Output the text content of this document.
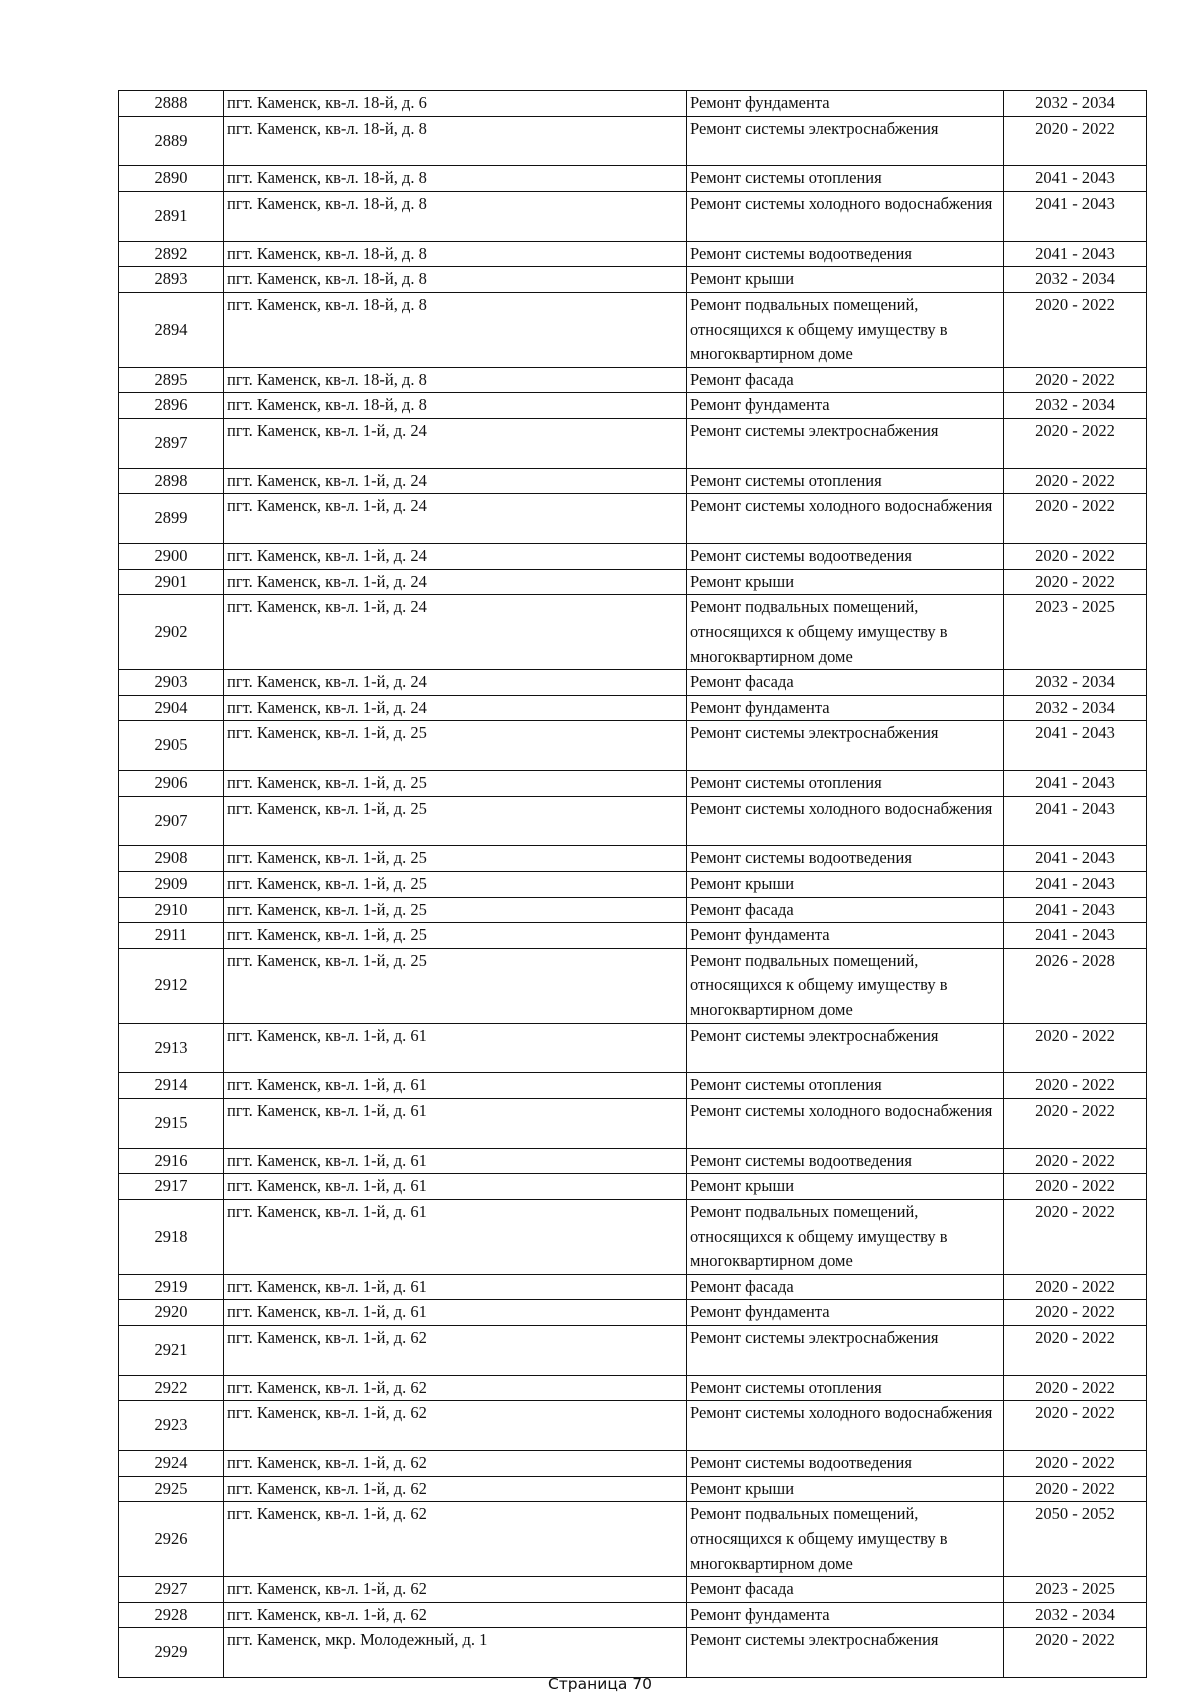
2888	пгт. Каменск, кв-л. 18-й, д. 6	Ремонт фундамента	2032 - 2034
2889	пгт. Каменск, кв-л. 18-й, д. 8	Ремонт системы электроснабжения	2020 - 2022
2890	пгт. Каменск, кв-л. 18-й, д. 8	Ремонт системы отопления	2041 - 2043
2891	пгт. Каменск, кв-л. 18-й, д. 8	Ремонт системы холодного водоснабжения	2041 - 2043
2892	пгт. Каменск, кв-л. 18-й, д. 8	Ремонт системы водоотведения	2041 - 2043
2893	пгт. Каменск, кв-л. 18-й, д. 8	Ремонт крыши	2032 - 2034
2894	пгт. Каменск, кв-л. 18-й, д. 8	Ремонт подвальных помещений, относящихся к общему имуществу в многоквартирном доме	2020 - 2022
2895	пгт. Каменск, кв-л. 18-й, д. 8	Ремонт фасада	2020 - 2022
2896	пгт. Каменск, кв-л. 18-й, д. 8	Ремонт фундамента	2032 - 2034
2897	пгт. Каменск, кв-л. 1-й, д. 24	Ремонт системы электроснабжения	2020 - 2022
2898	пгт. Каменск, кв-л. 1-й, д. 24	Ремонт системы отопления	2020 - 2022
2899	пгт. Каменск, кв-л. 1-й, д. 24	Ремонт системы холодного водоснабжения	2020 - 2022
2900	пгт. Каменск, кв-л. 1-й, д. 24	Ремонт системы водоотведения	2020 - 2022
2901	пгт. Каменск, кв-л. 1-й, д. 24	Ремонт крыши	2020 - 2022
2902	пгт. Каменск, кв-л. 1-й, д. 24	Ремонт подвальных помещений, относящихся к общему имуществу в многоквартирном доме	2023 - 2025
2903	пгт. Каменск, кв-л. 1-й, д. 24	Ремонт фасада	2032 - 2034
2904	пгт. Каменск, кв-л. 1-й, д. 24	Ремонт фундамента	2032 - 2034
2905	пгт. Каменск, кв-л. 1-й, д. 25	Ремонт системы электроснабжения	2041 - 2043
2906	пгт. Каменск, кв-л. 1-й, д. 25	Ремонт системы отопления	2041 - 2043
2907	пгт. Каменск, кв-л. 1-й, д. 25	Ремонт системы холодного водоснабжения	2041 - 2043
2908	пгт. Каменск, кв-л. 1-й, д. 25	Ремонт системы водоотведения	2041 - 2043
2909	пгт. Каменск, кв-л. 1-й, д. 25	Ремонт крыши	2041 - 2043
2910	пгт. Каменск, кв-л. 1-й, д. 25	Ремонт фасада	2041 - 2043
2911	пгт. Каменск, кв-л. 1-й, д. 25	Ремонт фундамента	2041 - 2043
2912	пгт. Каменск, кв-л. 1-й, д. 25	Ремонт подвальных помещений, относящихся к общему имуществу в многоквартирном доме	2026 - 2028
2913	пгт. Каменск, кв-л. 1-й, д. 61	Ремонт системы электроснабжения	2020 - 2022
2914	пгт. Каменск, кв-л. 1-й, д. 61	Ремонт системы отопления	2020 - 2022
2915	пгт. Каменск, кв-л. 1-й, д. 61	Ремонт системы холодного водоснабжения	2020 - 2022
2916	пгт. Каменск, кв-л. 1-й, д. 61	Ремонт системы водоотведения	2020 - 2022
2917	пгт. Каменск, кв-л. 1-й, д. 61	Ремонт крыши	2020 - 2022
2918	пгт. Каменск, кв-л. 1-й, д. 61	Ремонт подвальных помещений, относящихся к общему имуществу в многоквартирном доме	2020 - 2022
2919	пгт. Каменск, кв-л. 1-й, д. 61	Ремонт фасада	2020 - 2022
2920	пгт. Каменск, кв-л. 1-й, д. 61	Ремонт фундамента	2020 - 2022
2921	пгт. Каменск, кв-л. 1-й, д. 62	Ремонт системы электроснабжения	2020 - 2022
2922	пгт. Каменск, кв-л. 1-й, д. 62	Ремонт системы отопления	2020 - 2022
2923	пгт. Каменск, кв-л. 1-й, д. 62	Ремонт системы холодного водоснабжения	2020 - 2022
2924	пгт. Каменск, кв-л. 1-й, д. 62	Ремонт системы водоотведения	2020 - 2022
2925	пгт. Каменск, кв-л. 1-й, д. 62	Ремонт крыши	2020 - 2022
2926	пгт. Каменск, кв-л. 1-й, д. 62	Ремонт подвальных помещений, относящихся к общему имуществу в многоквартирном доме	2050 - 2052
2927	пгт. Каменск, кв-л. 1-й, д. 62	Ремонт фасада	2023 - 2025
2928	пгт. Каменск, кв-л. 1-й, д. 62	Ремонт фундамента	2032 - 2034
2929	пгт. Каменск, мкр. Молодежный, д. 1	Ремонт системы электроснабжения	2020 - 2022
Страница 70
